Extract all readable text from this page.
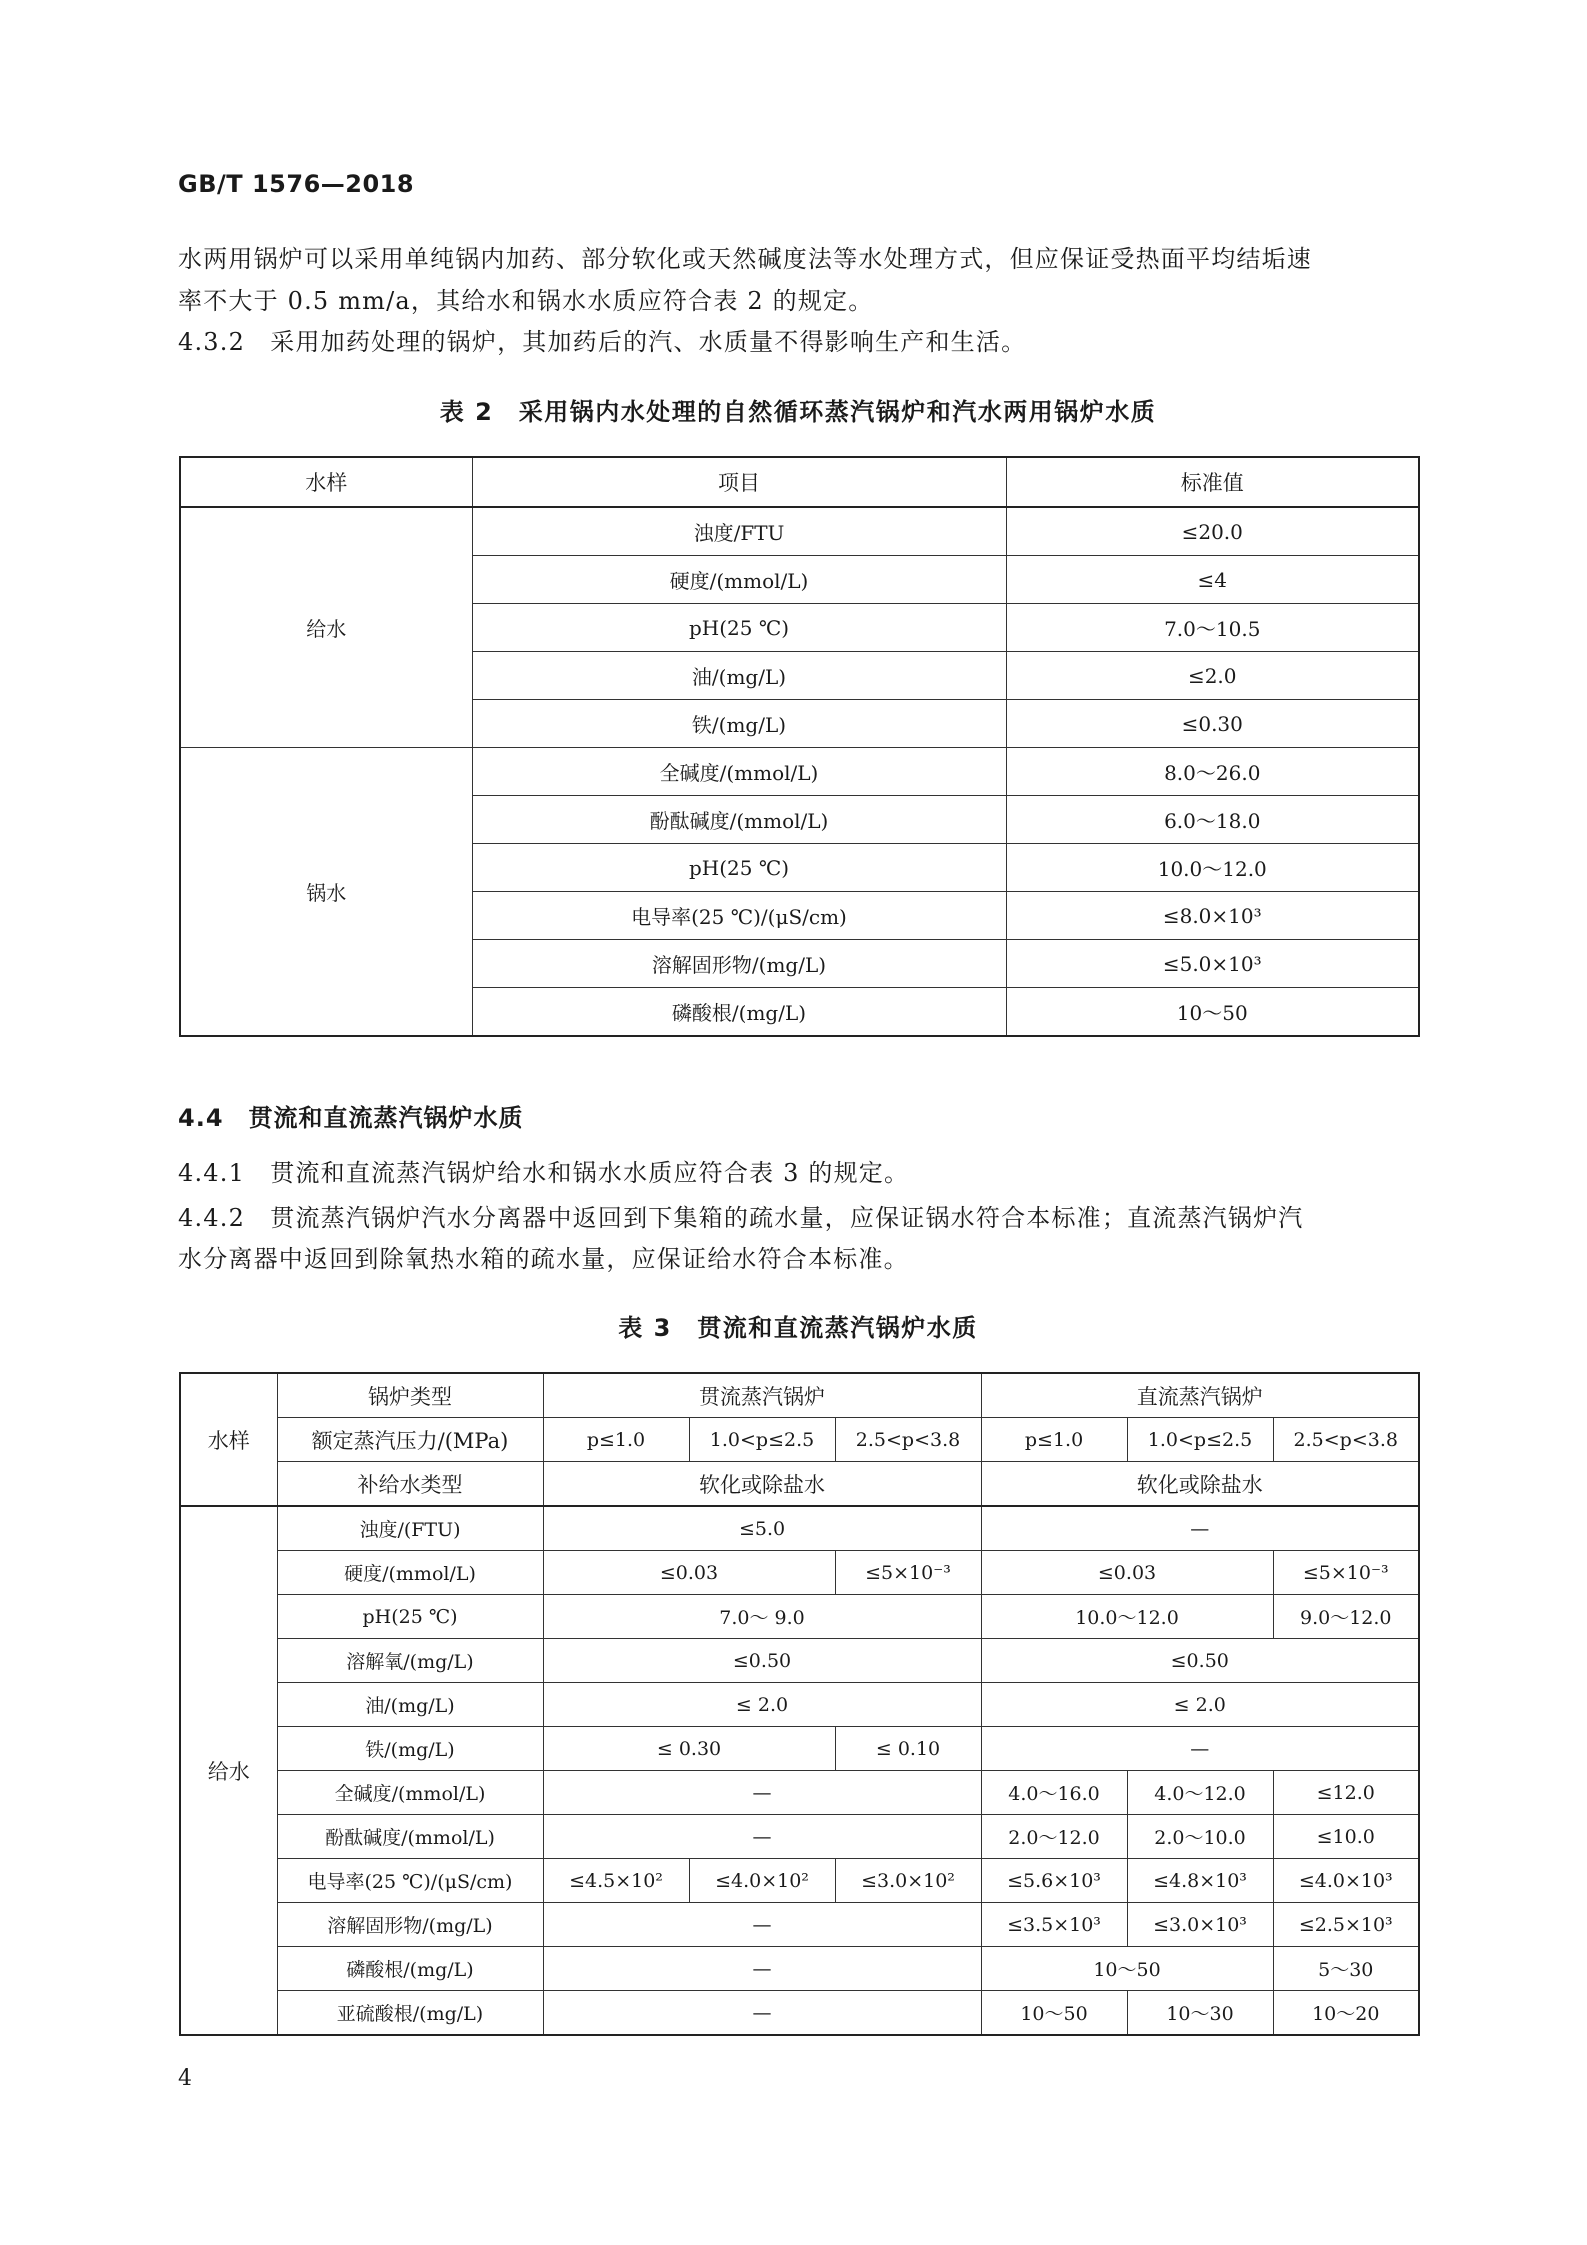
GB/T 1576—2018

水两用锅炉可以采用单纯锅内加药、部分软化或天然碱度法等水处理方式，但应保证受热面平均结垢速

率不大于 0.5 mm/a，其给水和锅水水质应符合表 2 的规定。

4.3.2　采用加药处理的锅炉，其加药后的汽、水质量不得影响生产和生活。

表 2　采用锅内水处理的自然循环蒸汽锅炉和汽水两用锅炉水质
水样	项目	标准值
给水	浊度/FTU	≤20.0
	硬度/(mmol/L)	≤4
	pH(25 ℃)	7.0～10.5
	油/(mg/L)	≤2.0
	铁/(mg/L)	≤0.30
锅水	全碱度/(mmol/L)	8.0～26.0
	酚酞碱度/(mmol/L)	6.0～18.0
	pH(25 ℃)	10.0～12.0
	电导率(25 ℃)/(μS/cm)	≤8.0×10³
	溶解固形物/(mg/L)	≤5.0×10³
	磷酸根/(mg/L)	10～50
4.4　贯流和直流蒸汽锅炉水质

4.4.1　贯流和直流蒸汽锅炉给水和锅水水质应符合表 3 的规定。

4.4.2　贯流蒸汽锅炉汽水分离器中返回到下集箱的疏水量，应保证锅水符合本标准；直流蒸汽锅炉汽

水分离器中返回到除氧热水箱的疏水量，应保证给水符合本标准。

表 3　贯流和直流蒸汽锅炉水质
水样	锅炉类型	贯流蒸汽锅炉			直流蒸汽锅炉		
	额定蒸汽压力/(MPa)	p≤1.0	1.0<p≤2.5	2.5<p<3.8	p≤1.0	1.0<p≤2.5	2.5<p<3.8
	补给水类型	软化或除盐水			软化或除盐水		
给水	浊度/(FTU)	≤5.0			—		
	硬度/(mmol/L)	≤0.03		≤5×10⁻³	≤0.03		≤5×10⁻³
	pH(25 ℃)	7.0～ 9.0			10.0～12.0		9.0～12.0
	溶解氧/(mg/L)	≤0.50			≤0.50		
	油/(mg/L)	≤ 2.0			≤ 2.0		
	铁/(mg/L)	≤ 0.30		≤ 0.10	—		
	全碱度/(mmol/L)	—			4.0～16.0	4.0～12.0	≤12.0
	酚酞碱度/(mmol/L)	—			2.0～12.0	2.0～10.0	≤10.0
	电导率(25 ℃)/(μS/cm)	≤4.5×10²	≤4.0×10²	≤3.0×10²	≤5.6×10³	≤4.8×10³	≤4.0×10³
	溶解固形物/(mg/L)	—			≤3.5×10³	≤3.0×10³	≤2.5×10³
	磷酸根/(mg/L)	—			10～50		5～30
	亚硫酸根/(mg/L)	—			10～50	10～30	10～20
4
